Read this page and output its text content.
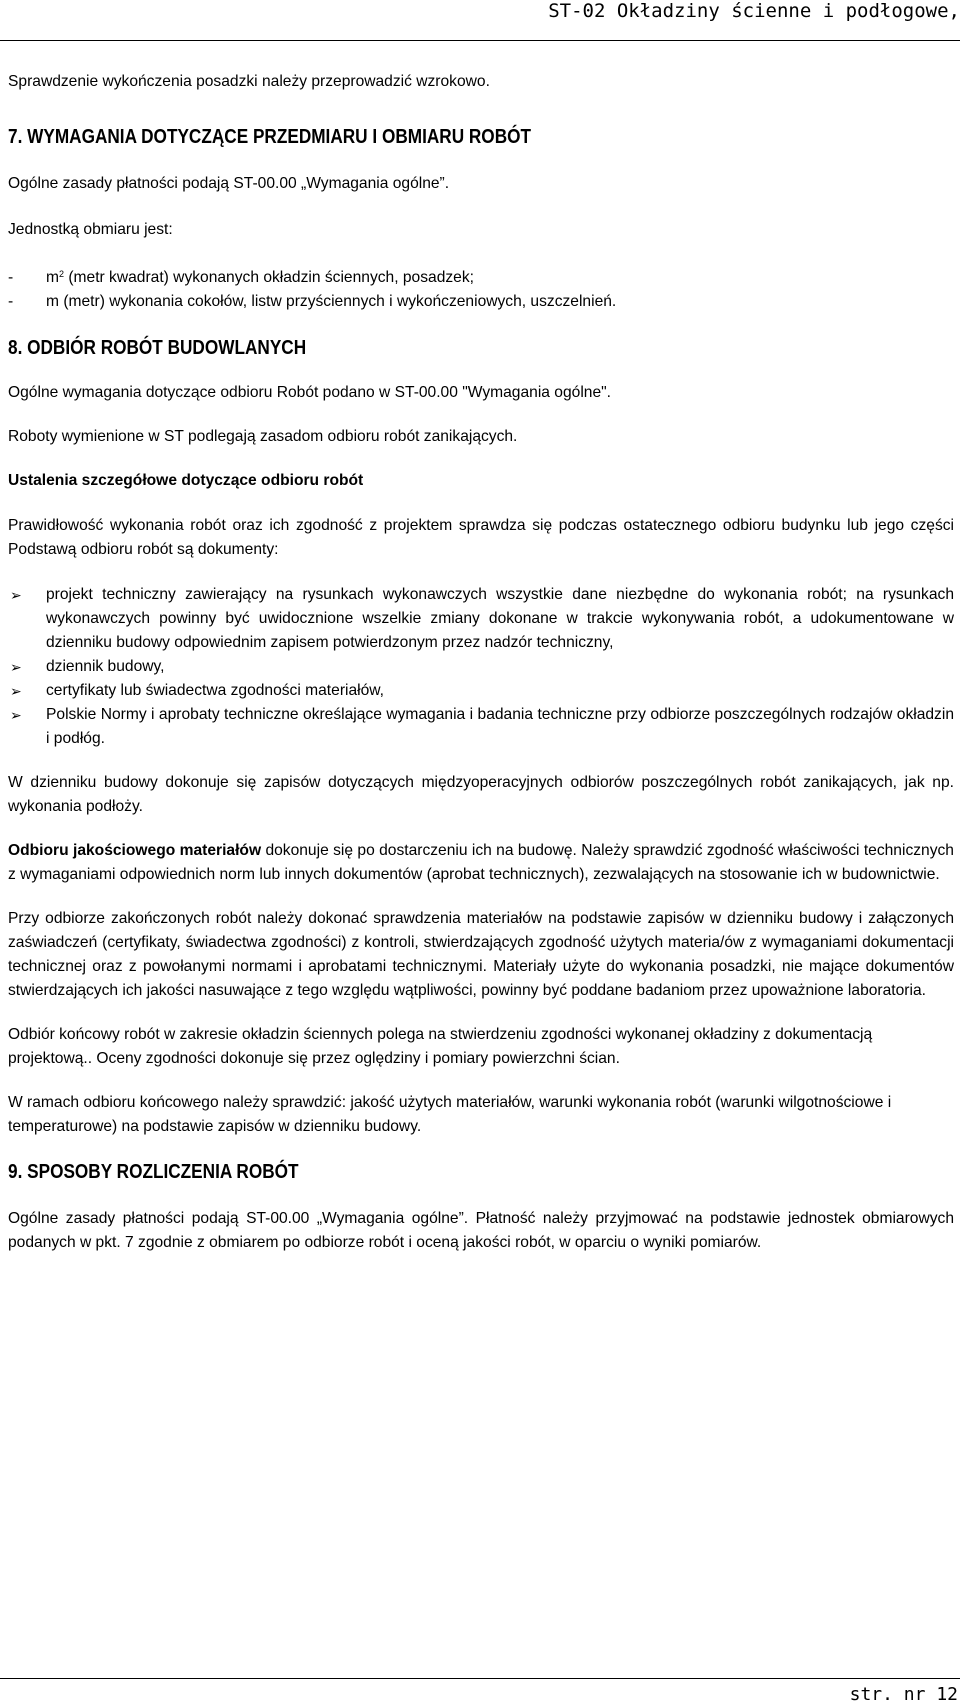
ST-02 Okładziny ścienne i podłogowe,

Sprawdzenie wykończenia posadzki należy przeprowadzić wzrokowo.

7. WYMAGANIA DOTYCZĄCE PRZEDMIARU I OBMIARU ROBÓT

Ogólne zasady płatności podają ST-00.00 „Wymagania ogólne”.

Jednostką obmiaru jest:

-	$m^2$ (metr kwadrat) wykonanych okładzin ściennych, posadzek;
-	m (metr) wykonania cokołów, listw przyściennych i wykończeniowych, uszczelnień.
8. ODBIÓR ROBÓT BUDOWLANYCH

Ogólne wymagania dotyczące odbioru Robót podano w ST-00.00 "Wymagania ogólne".

Roboty wymienione w ST podlegają zasadom odbioru robót zanikających.

Ustalenia szczegółowe dotyczące odbioru robót

Prawidłowość wykonania robót oraz ich zgodność z projektem sprawdza się podczas ostatecznego odbioru budynku lub jego części Podstawą odbioru robót są dokumenty:

➢	projekt techniczny zawierający na rysunkach wykonawczych wszystkie dane niezbędne do wykonania robót; na rysunkach wykonawczych powinny być uwidocznione wszelkie zmiany dokonane w trakcie wykonywania robót, a udokumentowane w dzienniku budowy odpowiednim zapisem potwierdzonym przez nadzór techniczny,
➢	dziennik budowy,
➢	certyfikaty lub świadectwa zgodności materiałów,
➢	Polskie Normy i aprobaty techniczne określające wymagania i badania techniczne przy odbiorze poszczególnych rodzajów okładzin i podłóg.

W dzienniku budowy dokonuje się zapisów dotyczących międzyoperacyjnych odbiorów poszczególnych robót zanikających, jak np. wykonania podłoży.

Odbioru jakościowego materiałów dokonuje się po dostarczeniu ich na budowę. Należy sprawdzić zgodność właściwości technicznych z wymaganiami odpowiednich norm lub innych dokumentów (aprobat technicznych), zezwalających na stosowanie ich w budownictwie.

Przy odbiorze zakończonych robót należy dokonać sprawdzenia materiałów na podstawie zapisów w dzienniku budowy i załączonych zaświadczeń (certyfikaty, świadectwa zgodności) z kontroli, stwierdzających zgodność użytych materia/ów z wymaganiami dokumentacji technicznej oraz z powołanymi normami i aprobatami technicznymi. Materiały użyte do wykonania posadzki, nie mające dokumentów stwierdzających ich jakości nasuwające z tego względu wątpliwości, powinny być poddane badaniom przez upoważnione laboratoria.

Odbiór końcowy robót w zakresie okładzin ściennych polega na stwierdzeniu zgodności wykonanej okładziny z dokumentacją projektową.. Oceny zgodności dokonuje się przez oględziny i pomiary powierzchni ścian.

W ramach odbioru końcowego należy sprawdzić: jakość użytych materiałów, warunki wykonania robót (warunki wilgotnościowe i temperaturowe) na podstawie zapisów w dzienniku budowy.

9. SPOSOBY ROZLICZENIA ROBÓT

Ogólne zasady płatności podają ST-00.00 „Wymagania ogólne”. Płatność należy przyjmować na podstawie jednostek obmiarowych podanych w pkt. 7 zgodnie z obmiarem po odbiorze robót i oceną jakości robót, w oparciu o wyniki pomiarów.

str. nr 12
